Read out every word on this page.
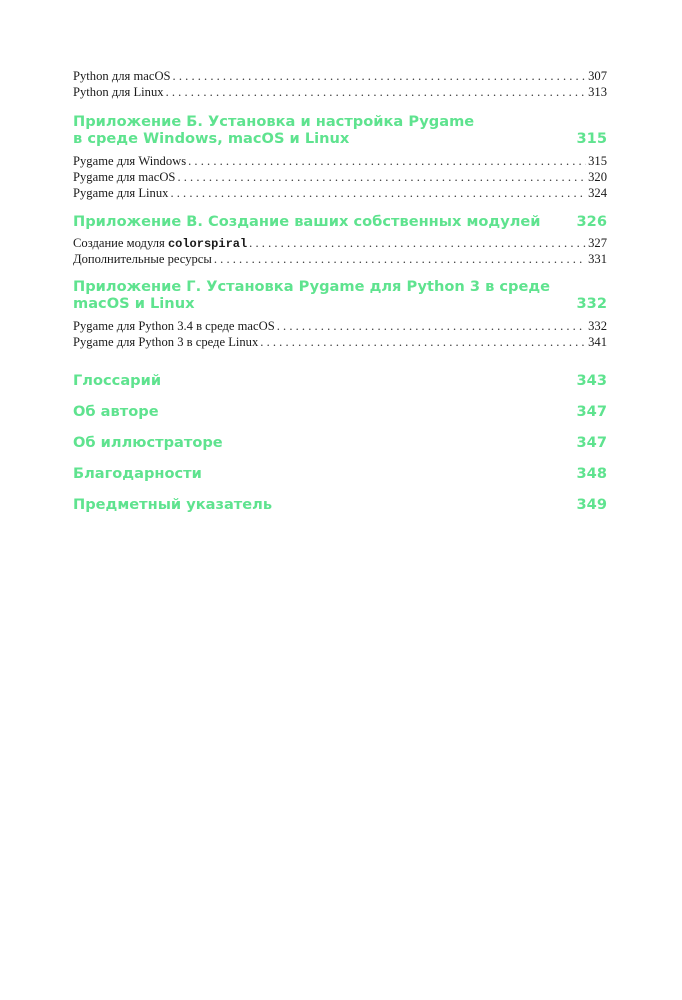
Python для macOS . . .	307
Python для Linux . . .	313
Приложение Б. Установка и настройка Pygame
в среде Windows, macOS и Linux	315
Pygame для Windows . . .	315
Pygame для macOS . . .	320
Pygame для Linux . . .	324
Приложение В. Создание ваших собственных модулей 326
Создание модуля colorspiral . . .	327
Дополнительные ресурсы . . .	331
Приложение Г. Установка Pygame для Python 3 в среде
macOS и Linux	332
Pygame для Python 3.4 в среде macOS . . .	332
Pygame для Python 3 в среде Linux . . .	341
Глоссарий	343
Об авторе	347
Об иллюстраторе	347
Благодарности	348
Предметный указатель	349
